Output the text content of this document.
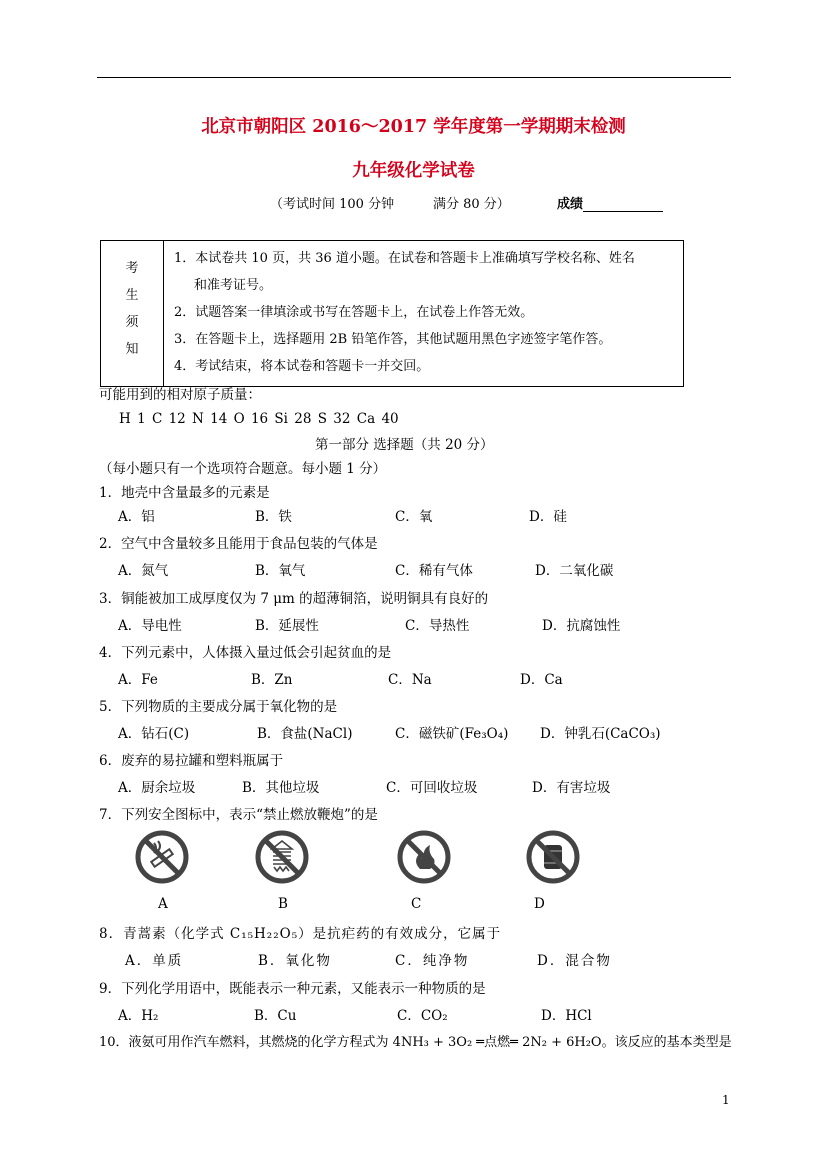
北京市朝阳区 2016～2017 学年度第一学期期末检测
九年级化学试卷
（考试时间 100 分钟	满分 80 分）	成绩
考
生
须
知

1．本试卷共 10 页，共 36 道小题。在试卷和答题卡上准确填写学校名称、姓名
和准考证号。
2．试题答案一律填涂或书写在答题卡上，在试卷上作答无效。
3．在答题卡上，选择题用 2B 铅笔作答，其他试题用黑色字迹签字笔作答。
4．考试结束，将本试卷和答题卡一并交回。
可能用到的相对原子质量：
H 1 C 12 N 14 O 16 Si 28 S 32 Ca 40
第一部分 选择题（共 20 分）
（每小题只有一个选项符合题意。每小题 1 分）
1．地壳中含量最多的元素是
A．铝	B．铁	C．氧	D．硅
2．空气中含量较多且能用于食品包装的气体是
A．氮气	B．氧气	C．稀有气体	D．二氧化碳
3．铜能被加工成厚度仅为 7 μm 的超薄铜箔，说明铜具有良好的
A．导电性	B．延展性	C．导热性	D．抗腐蚀性
4．下列元素中，人体摄入量过低会引起贫血的是
A．Fe	B．Zn	C．Na	D．Ca
5．下列物质的主要成分属于氧化物的是
A．钻石(C)	B．食盐(NaCl)	C．磁铁矿(Fe₃O₄) D．钟乳石(CaCO₃)
6．废弃的易拉罐和塑料瓶属于
A．厨余垃圾	B．其他垃圾	C．可回收垃圾	D．有害垃圾
7．下列安全图标中，表示“禁止燃放鞭炮”的是
A	B	C	D
8．青蒿素（化学式 C₁₅H₂₂O₅）是抗疟药的有效成分，它属于
A．单质	B．氧化物	C．纯净物	D．混合物
9．下列化学用语中，既能表示一种元素，又能表示一种物质的是
A．H₂	B．Cu	C．CO₂	D．HCl
10．液氨可用作汽车燃料，其燃烧的化学方程式为 4NH₃ + 3O₂ ═点燃═ 2N₂ + 6H₂O。该反应的基本类型是
1
